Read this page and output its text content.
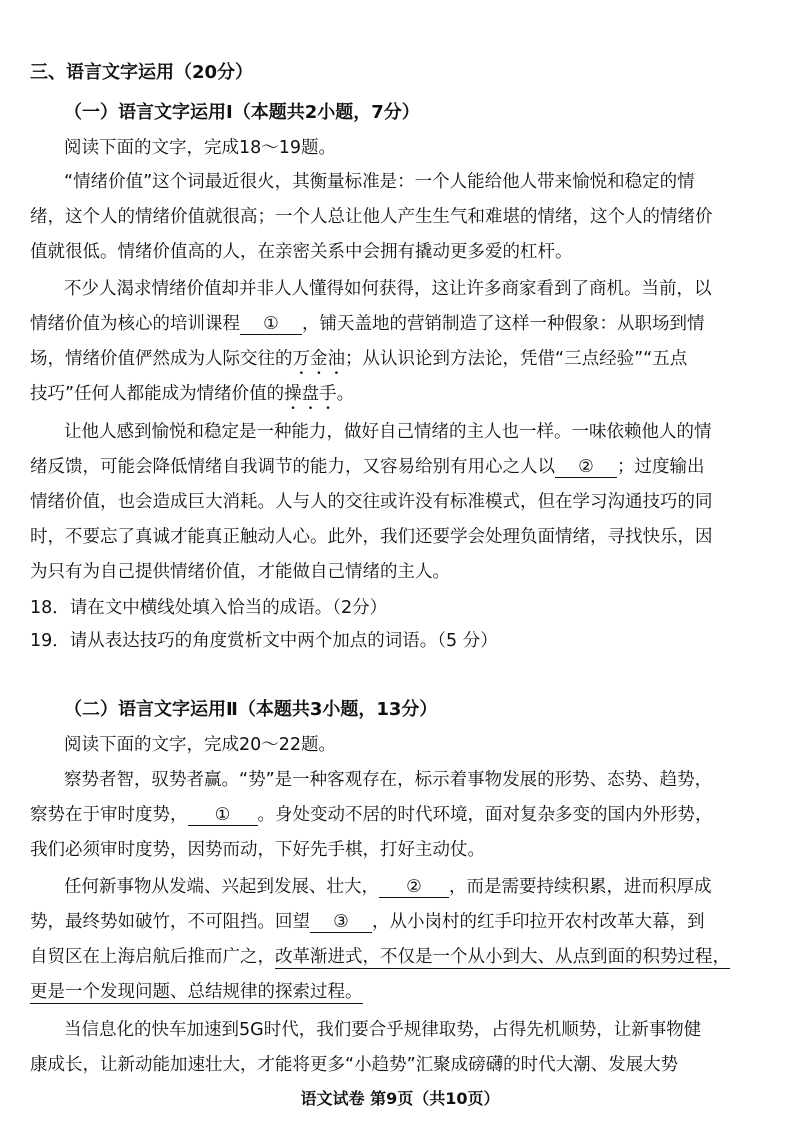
三、语言文字运用（20分）
（一）语言文字运用Ⅰ（本题共2小题，7分）
阅读下面的文字，完成18～19题。
“情绪价值”这个词最近很火，其衡量标准是：一个人能给他人带来愉悦和稳定的情
绪，这个人的情绪价值就很高；一个人总让他人产生生气和难堪的情绪，这个人的情绪价
值就很低。情绪价值高的人，在亲密关系中会拥有撬动更多爱的杠杆。
不少人渴求情绪价值却并非人人懂得如何获得，这让许多商家看到了商机。当前，以
情绪价值为核心的培训课程 ① ，铺天盖地的营销制造了这样一种假象：从职场到情
场，情绪价值俨然成为人际交往的万金油；从认识论到方法论，凭借“三点经验”“五点
技巧”任何人都能成为情绪价值的操盘手。
让他人感到愉悦和稳定是一种能力，做好自己情绪的主人也一样。一味依赖他人的情
绪反馈，可能会降低情绪自我调节的能力，又容易给别有用心之人以 ② ；过度输出
情绪价值，也会造成巨大消耗。人与人的交往或许没有标准模式，但在学习沟通技巧的同
时，不要忘了真诚才能真正触动人心。此外，我们还要学会处理负面情绪，寻找快乐，因
为只有为自己提供情绪价值，才能做自己情绪的主人。
18．请在文中横线处填入恰当的成语。（2分）
19．请从表达技巧的角度赏析文中两个加点的词语。（5 分）
（二）语言文字运用Ⅱ（本题共3小题，13分）
阅读下面的文字，完成20～22题。
察势者智，驭势者赢。“势”是一种客观存在，标示着事物发展的形势、态势、趋势，
察势在于审时度势， ① 。身处变动不居的时代环境，面对复杂多变的国内外形势，
我们必须审时度势，因势而动，下好先手棋，打好主动仗。
任何新事物从发端、兴起到发展、壮大， ② ，而是需要持续积累，进而积厚成
势，最终势如破竹，不可阻挡。回望 ③ ，从小岗村的红手印拉开农村改革大幕，到
自贸区在上海启航后推而广之，改革渐进式，不仅是一个从小到大、从点到面的积势过程，
更是一个发现问题、总结规律的探索过程。
当信息化的快车加速到5G时代，我们要合乎规律取势，占得先机顺势，让新事物健
康成长，让新动能加速壮大，才能将更多“小趋势”汇聚成磅礴的时代大潮、发展大势
语文试卷 第9页（共10页）
